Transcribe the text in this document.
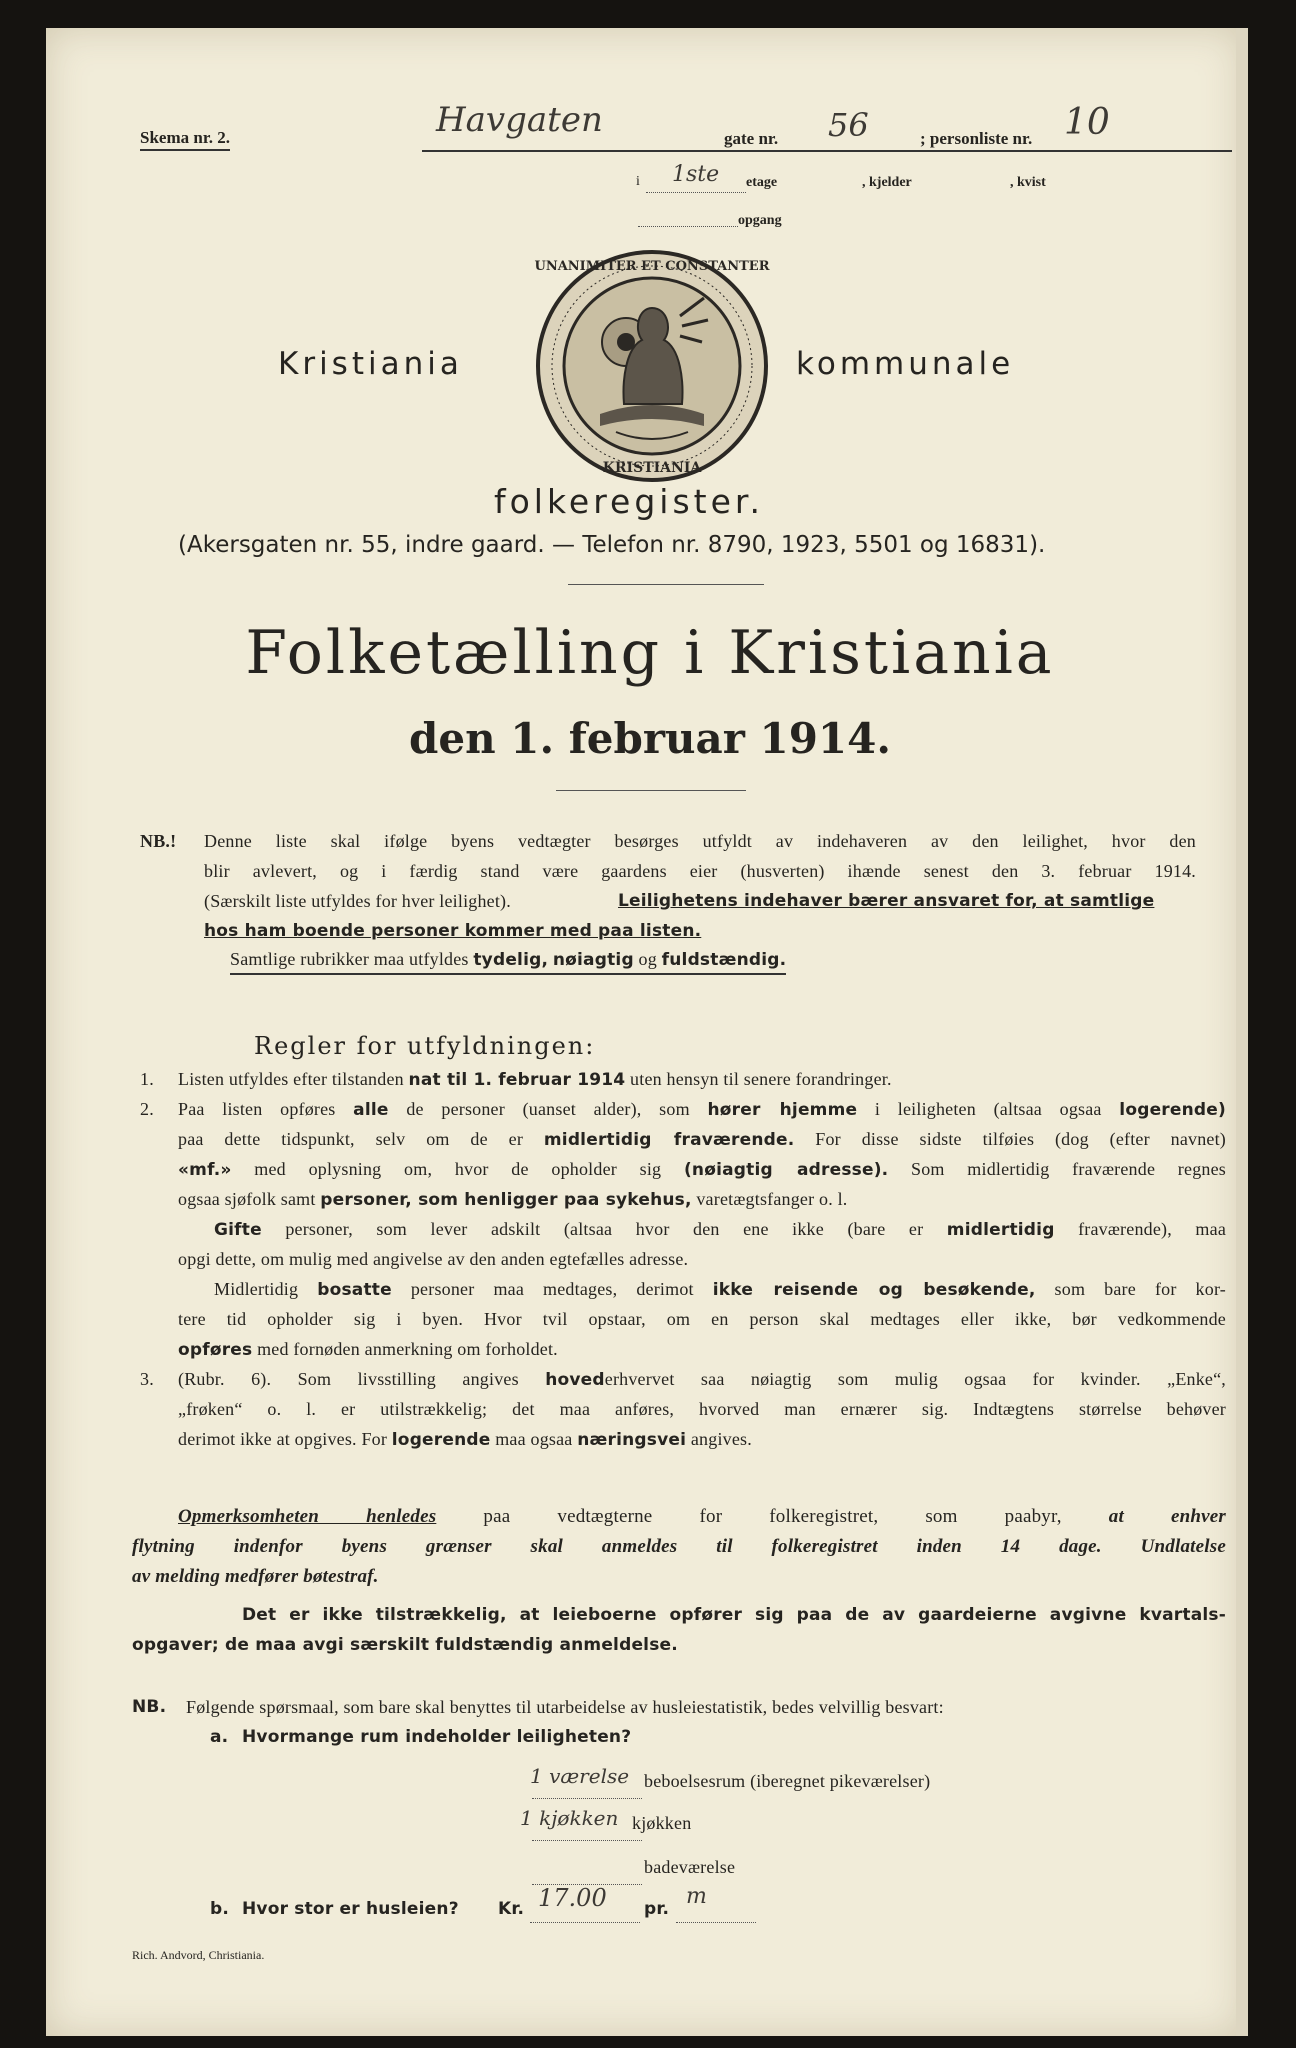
Skema nr. 2.	Havgaten	gate nr. 56	; personliste nr. 10
i 1ste etage	, kjelder	, kvist
opgang
Kristiania	kommunale
UNANIMITER ET CONSTANTER
KRISTIANIA
folkeregister.
(Akersgaten nr. 55, indre gaard. — Telefon nr. 8790, 1923, 5501 og 16831).
Folketælling i Kristiania
den 1. februar 1914.
NB.! Denne liste skal ifølge byens vedtægter besørges utfyldt av indehaveren av den leilighet, hvor den
blir avlevert, og i færdig stand være gaardens eier (husverten) ihænde senest den 3. februar 1914.
(Særskilt liste utfyldes for hver leilighet).	Leilighetens indehaver bærer ansvaret for, at samtlige
hos ham boende personer kommer med paa listen.
Samtlige rubrikker maa utfyldes tydelig, nøiagtig og fuldstændig.
Regler for utfyldningen:
1. Listen utfyldes efter tilstanden nat til 1. februar 1914 uten hensyn til senere forandringer.
2. Paa listen opføres alle de personer (uanset alder), som hører hjemme i leiligheten (altsaa ogsaa logerende)
paa dette tidspunkt, selv om de er midlertidig fraværende. For disse sidste tilføies (dog (efter navnet)
«mf.» med oplysning om, hvor de opholder sig (nøiagtig adresse). Som midlertidig fraværende regnes
ogsaa sjøfolk samt personer, som henligger paa sykehus, varetægtsfanger o. l.
Gifte personer, som lever adskilt (altsaa hvor den ene ikke (bare er midlertidig fraværende), maa
opgi dette, om mulig med angivelse av den anden egtefælles adresse.
Midlertidig bosatte personer maa medtages, derimot ikke reisende og besøkende, som bare for kor-
tere tid opholder sig i byen. Hvor tvil opstaar, om en person skal medtages eller ikke, bør vedkommende
opføres med fornøden anmerkning om forholdet.
3. (Rubr. 6). Som livsstilling angives hovederhvervet saa nøiagtig som mulig ogsaa for kvinder. „Enke“,
„frøken“ o. l. er utilstrækkelig; det maa anføres, hvorved man ernærer sig. Indtægtens størrelse behøver
derimot ikke at opgives. For logerende maa ogsaa næringsvei angives.
Opmerksomheten henledes paa vedtægterne for folkeregistret, som paabyr, at enhver
flytning indenfor byens grænser skal anmeldes til folkeregistret inden 14 dage. Undlatelse
av melding medfører bøtestraf.
Det er ikke tilstrækkelig, at leieboerne opfører sig paa de av gaardeierne avgivne kvartals-
opgaver; de maa avgi særskilt fuldstændig anmeldelse.
NB. Følgende spørsmaal, som bare skal benyttes til utarbeidelse av husleiestatistik, bedes velvillig besvart:
a. Hvormange rum indeholder leiligheten?
1 værelse beboelsesrum (iberegnet pikeværelser)
1 kjøkken kjøkken
badeværelse
b. Hvor stor er husleien? Kr. 17.00 pr. m
Rich. Andvord, Christiania.
